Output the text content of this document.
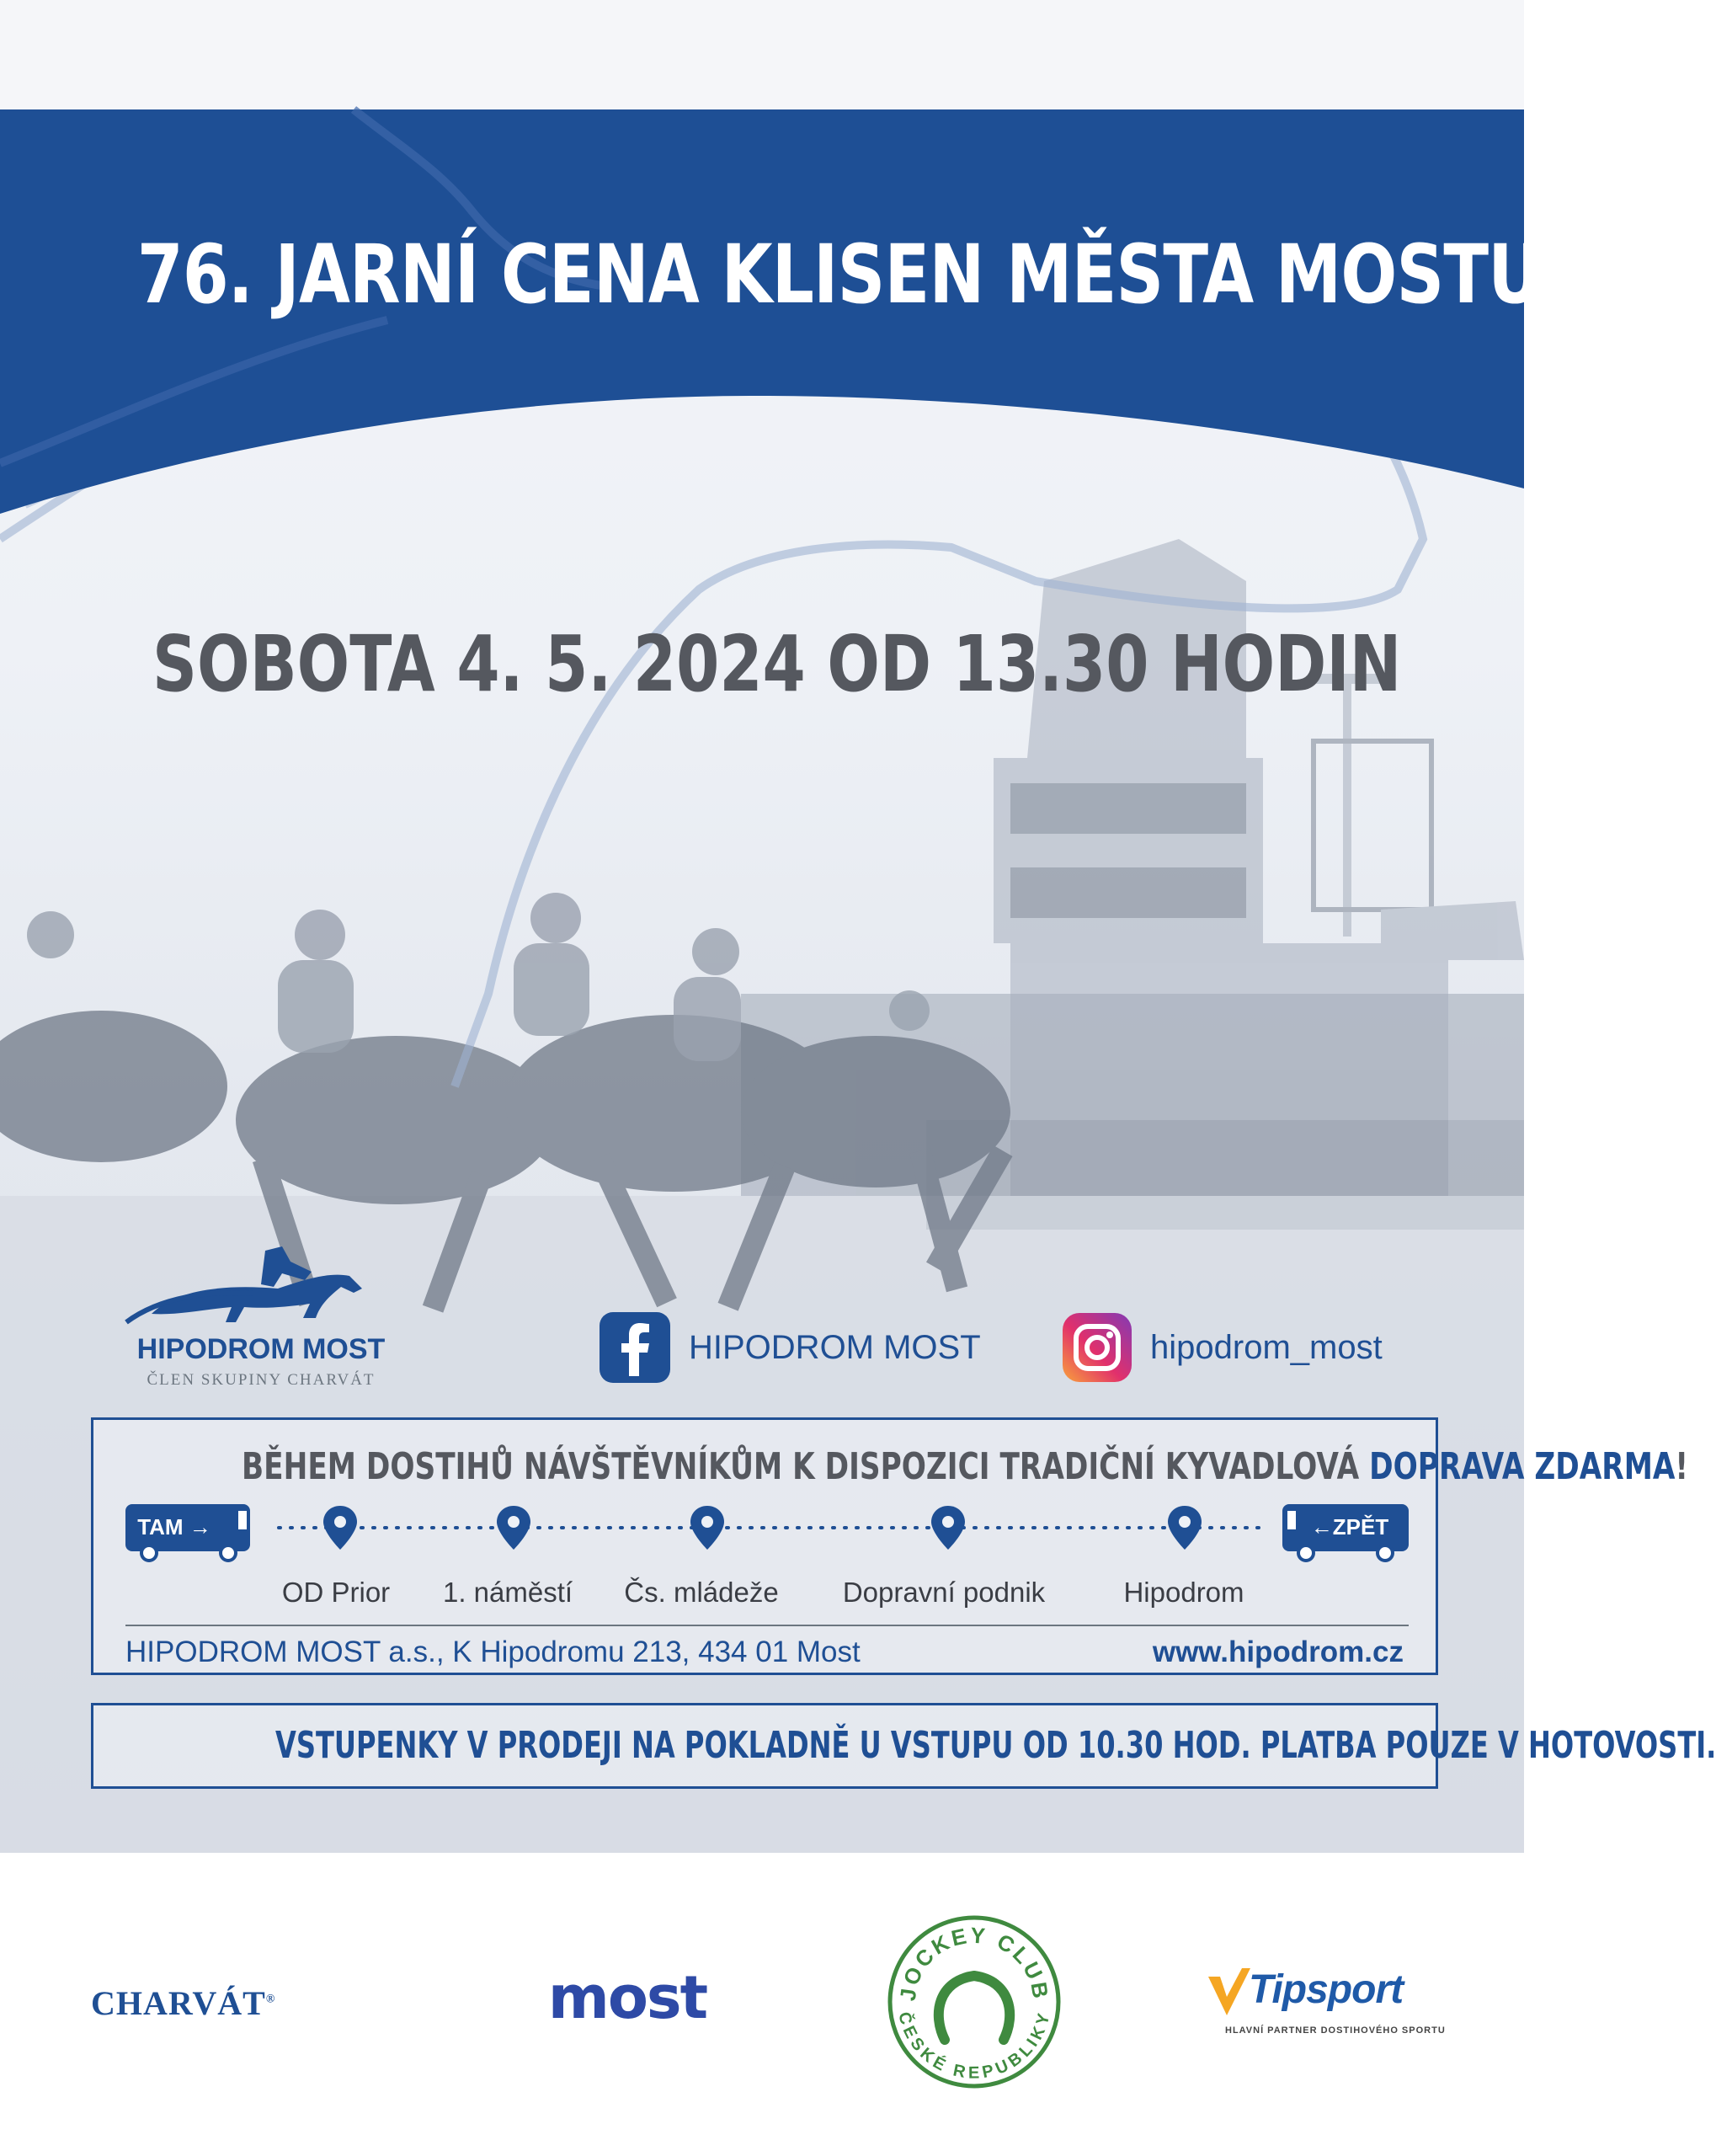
76. JARNÍ CENA KLISEN MĚSTA MOSTU
SOBOTA 4. 5. 2024 OD 13.30 HODIN
HIPODROM MOST
ČLEN SKUPINY CHARVÁT
HIPODROM MOST	hipodrom_most
BĚHEM DOSTIHŮ NÁVŠTĚVNÍKŮM K DISPOZICI TRADIČNÍ KYVADLOVÁ DOPRAVA ZDARMA!
TAM →	←ZPĚT
OD Prior 1. náměstí Čs. mládeže Dopravní podnik	Hipodrom
HIPODROM MOST a.s., K Hipodromu 213, 434 01 Most	www.hipodrom.cz
VSTUPENKY V PRODEJI NA POKLADNĚ U VSTUPU OD 10.30 HOD. PLATBA POUZE V HOTOVOSTI.
CHARVÁT®	most	JOCKEY CLUB
ČESKÉ REPUBLIKY
Tipsport
HLAVNÍ PARTNER DOSTIHOVÉHO SPORTU
